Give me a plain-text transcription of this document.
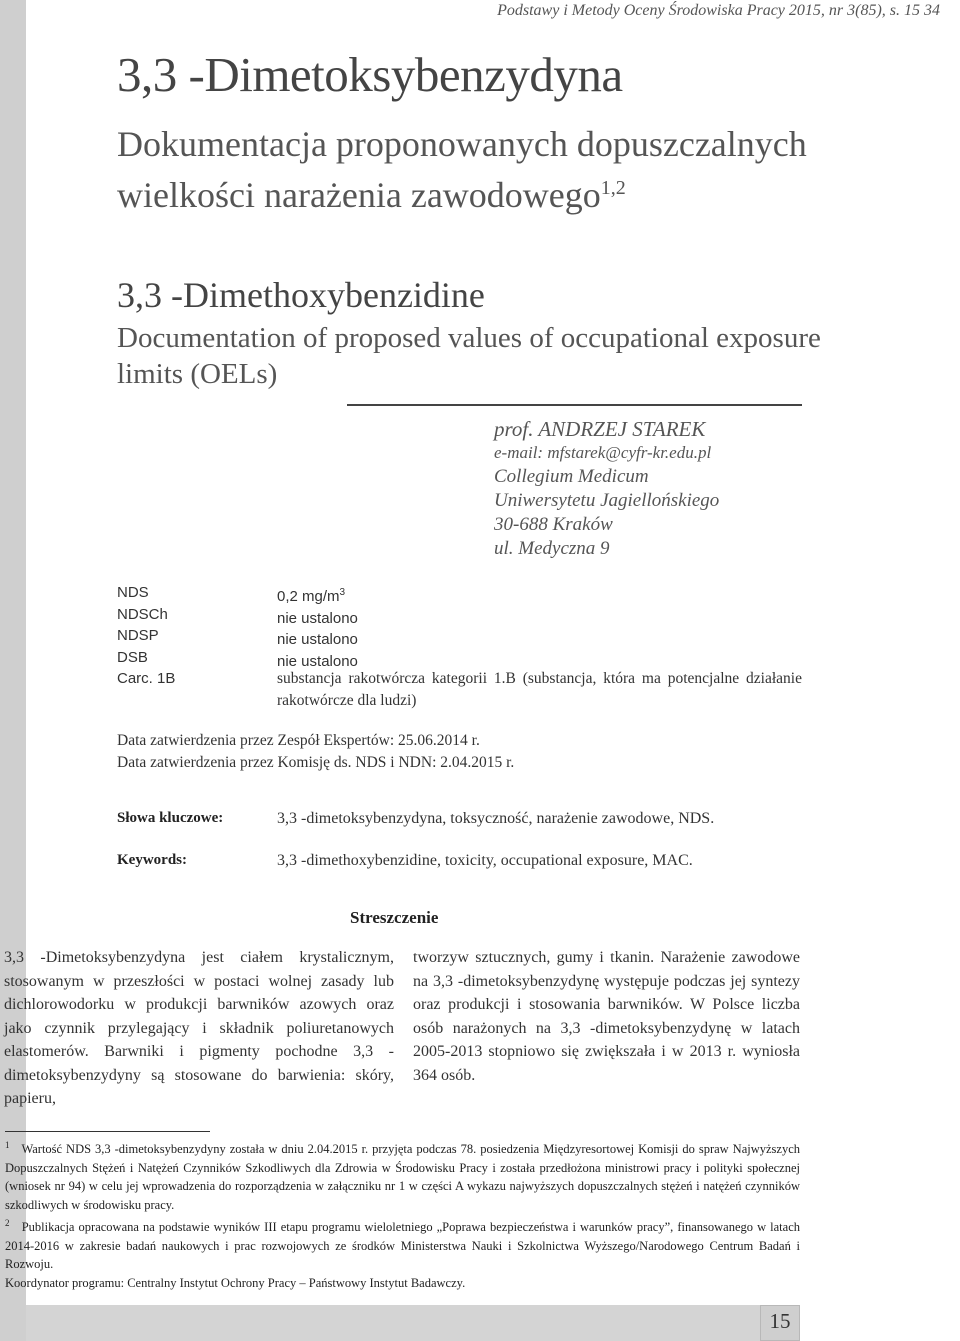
Podstawy i Metody Oceny Środowiska Pracy 2015, nr 3(85), s. 15 34
3,3 -Dimetoksybenzydyna
Dokumentacja proponowanych dopuszczalnych wielkości narażenia zawodowego$^{1,2}$
3,3 -Dimethoxybenzidine
Documentation of proposed values of occupational exposure limits (OELs)
prof. ANDRZEJ STAREK
e-mail: mfstarek@cyfr-kr.edu.pl
Collegium Medicum
Uniwersytetu Jagiellońskiego
30-688 Kraków
ul. Medyczna 9
NDS
NDSCh
NDSP
DSB
Carc. 1B
0,2 $mg/m^3$
nie ustalono
nie ustalono
nie ustalono
substancja rakotwórcza kategorii 1.B (substancja, która ma potencjalne działanie rakotwórcze dla ludzi)
Data zatwierdzenia przez Zespół Ekspertów: 25.06.2014 r.
Data zatwierdzenia przez Komisję ds. NDS i NDN: 2.04.2015 r.
Słowa kluczowe:	3,3 -dimetoksybenzydyna, toksyczność, narażenie zawodowe, NDS.
Keywords:	3,3 -dimethoxybenzidine, toxicity, occupational exposure, MAC.
Streszczenie
3,3 -Dimetoksybenzydyna jest ciałem krystalicznym, stosowanym w przeszłości w postaci wolnej zasady lub dichlorowodorku w produkcji barwników azowych oraz jako czynnik przylegający i składnik poliuretanowych elastomerów. Barwniki i pigmenty pochodne 3,3 -dimetoksybenzydyny są stosowane do barwienia: skóry, papieru,
tworzyw sztucznych, gumy i tkanin. Narażenie zawodowe na 3,3 -dimetoksybenzydynę występuje podczas jej syntezy oraz produkcji i stosowania barwników. W Polsce liczba osób narażonych na 3,3 -dimetoksybenzydynę w latach 2005-2013 stopniowo się zwiększała i w 2013 r. wyniosła 364 osób.

$^1$ Wartość NDS 3,3 -dimetoksybenzydyny została w dniu 2.04.2015 r. przyjęta podczas 78. posiedzenia Międzyresortowej Komisji do spraw Najwyższych Dopuszczalnych Stężeń i Natężeń Czynników Szkodliwych dla Zdrowia w Środowisku Pracy i została przedłożona ministrowi pracy i polityki społecznej (wniosek nr 94) w celu jej wprowadzenia do rozporządzenia w załączniku nr 1 w części A wykazu najwyższych dopuszczalnych stężeń i natężeń czynników szkodliwych w środowisku pracy.

$^2$ Publikacja opracowana na podstawie wyników III etapu programu wieloletniego „Poprawa bezpieczeństwa i warunków pracy”, finansowanego w latach 2014-2016 w zakresie badań naukowych i prac rozwojowych ze środków Ministerstwa Nauki i Szkolnictwa Wyższego/Narodowego Centrum Badań i Rozwoju.

Koordynator programu: Centralny Instytut Ochrony Pracy – Państwowy Instytut Badawczy.

15
